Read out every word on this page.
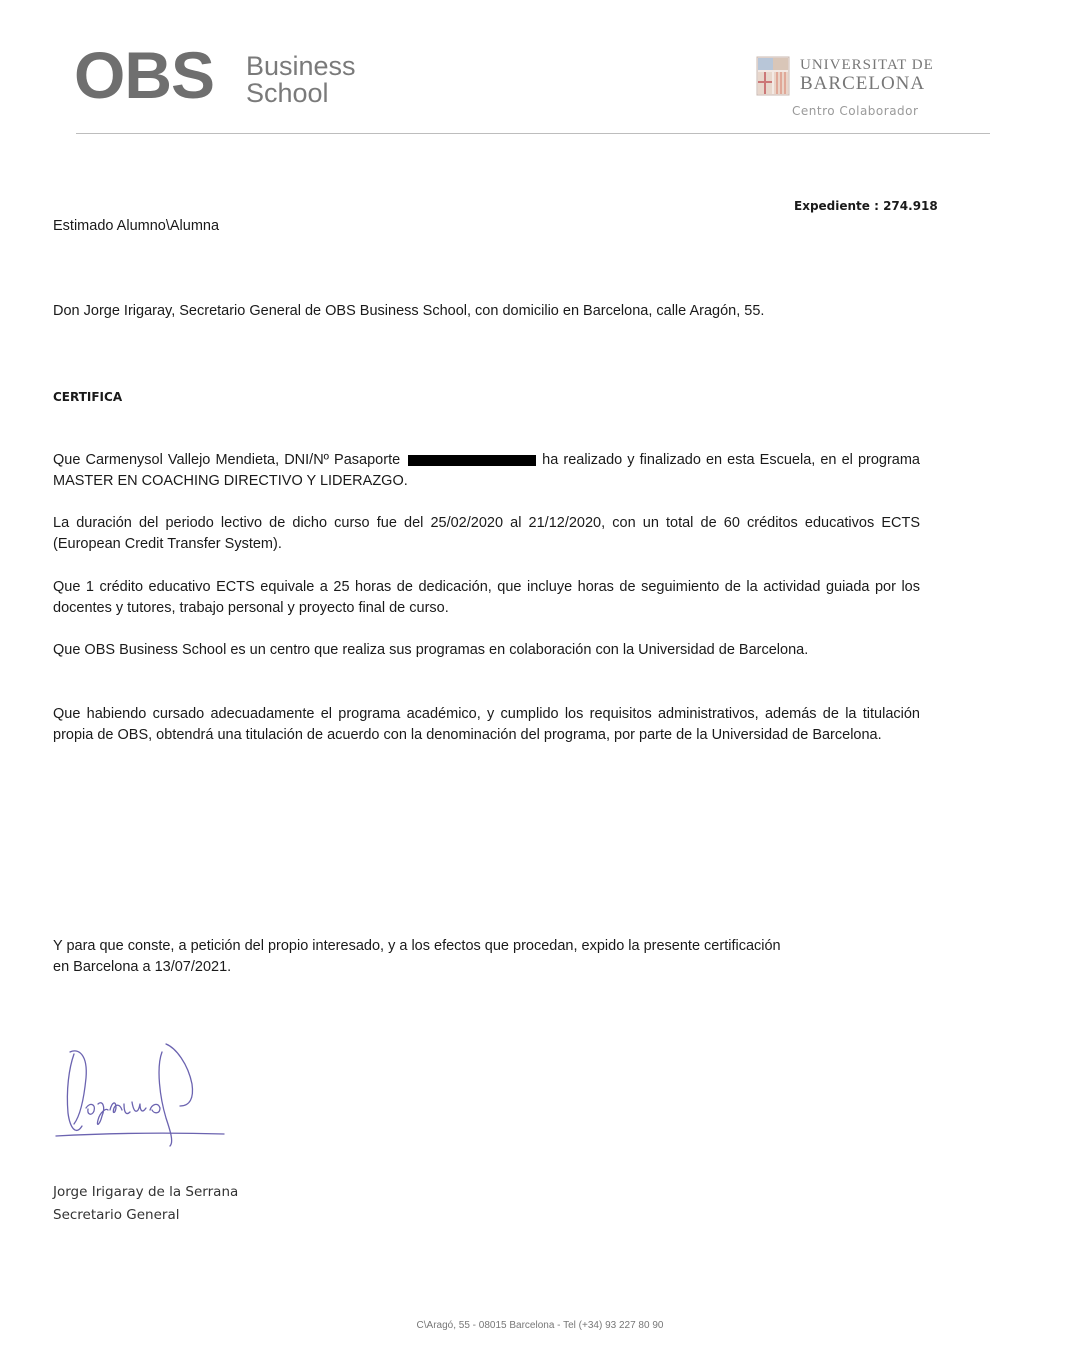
OBS Business
School
UNIVERSITAT DE
BARCELONA
Centro Colaborador
Expediente : 274.918
Estimado Alumno\Alumna
Don Jorge Irigaray, Secretario General de OBS Business School, con domicilio en Barcelona, calle Aragón, 55.
CERTIFICA

Que Carmenysol Vallejo Mendieta, DNI/Nº Pasaporte	ha realizado y finalizado en esta Escuela, en el programa MASTER EN COACHING DIRECTIVO Y LIDERAZGO.

La duración del periodo lectivo de dicho curso fue del 25/02/2020 al 21/12/2020, con un total de 60 créditos educativos ECTS (European Credit Transfer System).

Que 1 crédito educativo ECTS equivale a 25 horas de dedicación, que incluye horas de seguimiento de la actividad guiada por los docentes y tutores, trabajo personal y proyecto final de curso.

Que OBS Business School es un centro que realiza sus programas en colaboración con la Universidad de Barcelona.

Que habiendo cursado adecuadamente el programa académico, y cumplido los requisitos administrativos, además de la titulación propia de OBS, obtendrá una titulación de acuerdo con la denominación del programa, por parte de la Universidad de Barcelona.

Y para que conste, a petición del propio interesado, y a los efectos que procedan, expido la presente certificación
en Barcelona a 13/07/2021.
Jorge Irigaray de la Serrana
Secretario General
C\Aragó, 55 - 08015 Barcelona - Tel (+34) 93 227 80 90
